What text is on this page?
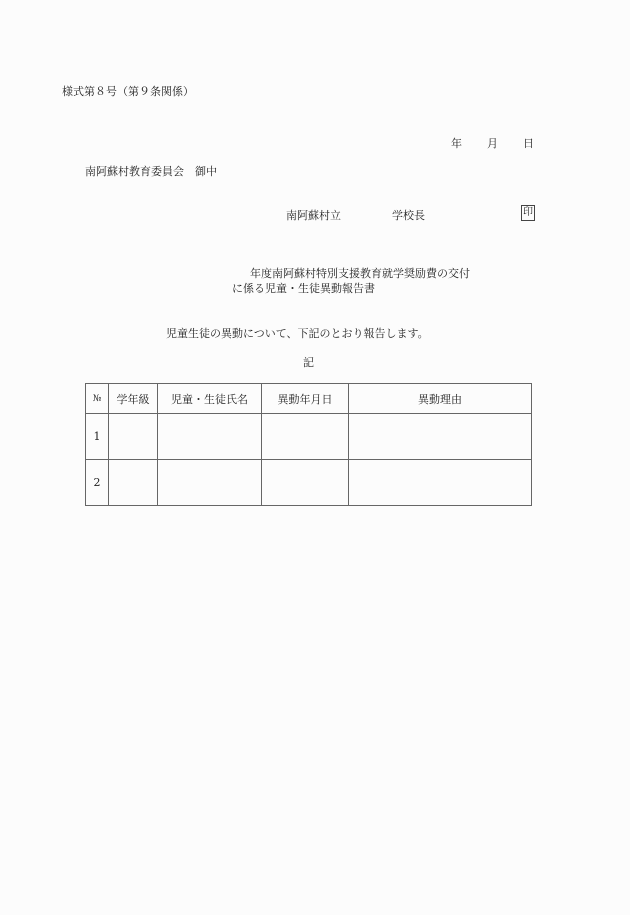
様式第８号（第９条関係）
年 月 日
南阿蘇村教育委員会　御中
南阿蘇村立	学校長	印
年度南阿蘇村特別支援教育就学奨励費の交付
に係る児童・生徒異動報告書
児童生徒の異動について、下記のとおり報告します。
記
№	学年級	児童・生徒氏名	異動年月日	異動理由
1				
2				
